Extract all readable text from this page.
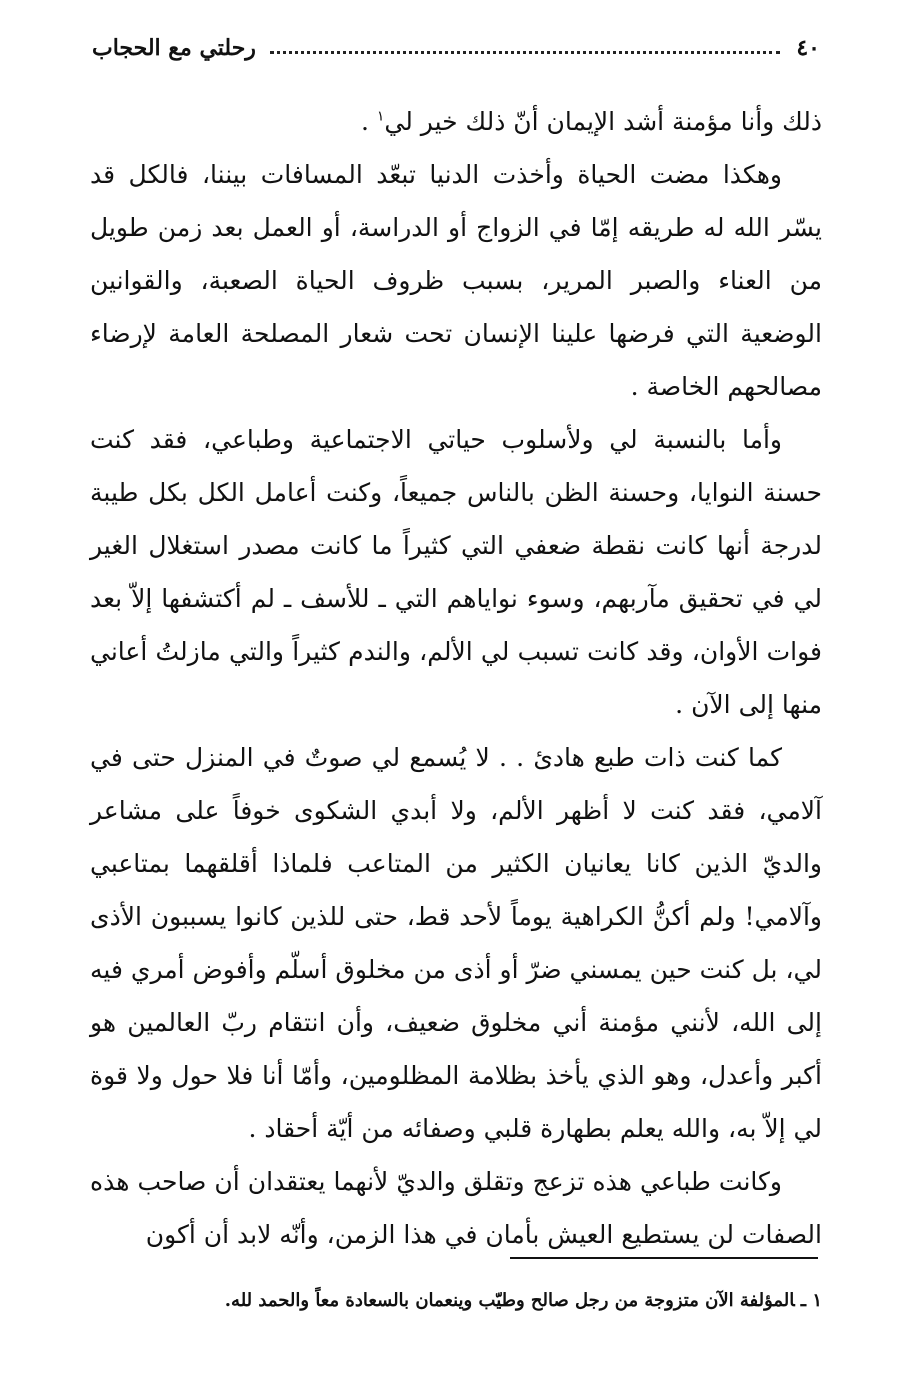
٤٠
رحلتي مع الحجاب

ذلك وأنا مؤمنة أشد الإيمان أنّ ذلك خير لي$^١$ .

وهكذا مضت الحياة وأخذت الدنيا تبعّد المسافات بيننا، فالكل قد يسّر الله له طريقه إمّا في الزواج أو الدراسة، أو العمل بعد زمن طويل من العناء والصبر المرير، بسبب ظروف الحياة الصعبة، والقوانين الوضعية التي فرضها علينا الإنسان تحت شعار المصلحة العامة لإرضاء مصالحهم الخاصة .

وأما بالنسبة لي ولأسلوب حياتي الاجتماعية وطباعي، فقد كنت حسنة النوايا، وحسنة الظن بالناس جميعاً، وكنت أعامل الكل بكل طيبة لدرجة أنها كانت نقطة ضعفي التي كثيراً ما كانت مصدر استغلال الغير لي في تحقيق مآربهم، وسوء نواياهم التي ـ للأسف ـ لم أكتشفها إلاّ بعد فوات الأوان، وقد كانت تسبب لي الألم، والندم كثيراً والتي مازلتُ أعاني منها إلى الآن .

كما كنت ذات طبع هادئ . . لا يُسمع لي صوتٌ في المنزل حتى في آلامي، فقد كنت لا أظهر الألم، ولا أبدي الشكوى خوفاً على مشاعر والديّ الذين كانا يعانيان الكثير من المتاعب فلماذا أقلقهما بمتاعبي وآلامي! ولم أكنُّ الكراهية يوماً لأحد قط، حتى للذين كانوا يسببون الأذى لي، بل كنت حين يمسني ضرّ أو أذى من مخلوق أسلّم وأفوض أمري فيه إلى الله، لأنني مؤمنة أني مخلوق ضعيف، وأن انتقام ربّ العالمين هو أكبر وأعدل، وهو الذي يأخذ بظلامة المظلومين، وأمّا أنا فلا حول ولا قوة لي إلاّ به، والله يعلم بطهارة قلبي وصفائه من أيّة أحقاد .

وكانت طباعي هذه تزعج وتقلق والديّ لأنهما يعتقدان أن صاحب هذه الصفات لن يستطيع العيش بأمان في هذا الزمن، وأنّه لابد أن أكون

١ ـالمؤلفة الآن متزوجة من رجل صالح وطيّب وينعمان بالسعادة معاً والحمد لله.
